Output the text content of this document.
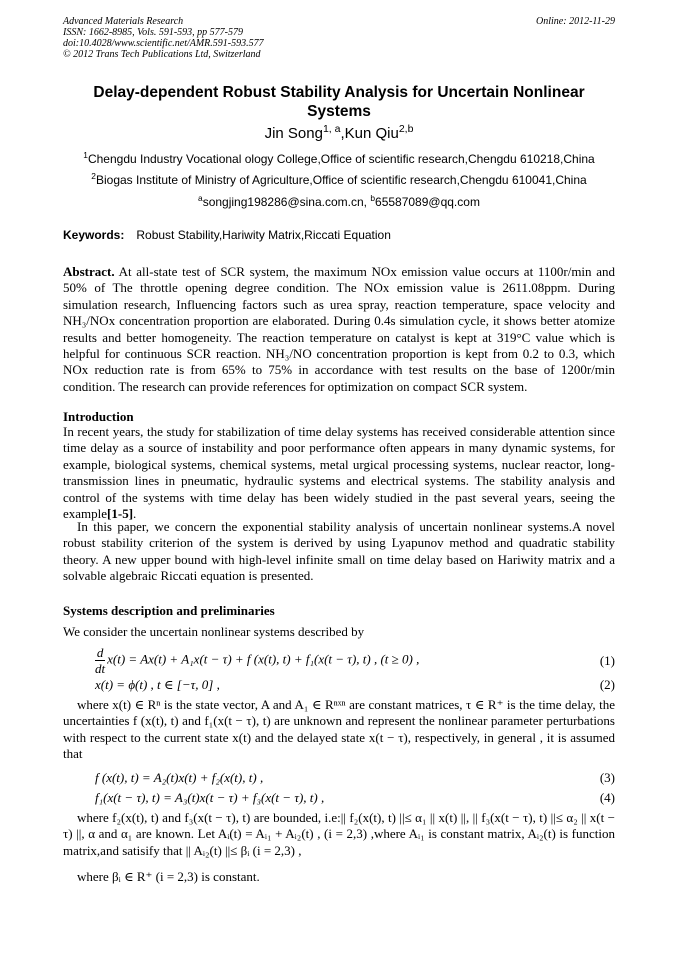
Advanced Materials Research
ISSN: 1662-8985, Vols. 591-593, pp 577-579
doi:10.4028/www.scientific.net/AMR.591-593.577
© 2012 Trans Tech Publications Ltd, Switzerland
Online: 2012-11-29
Delay-dependent Robust Stability Analysis for Uncertain Nonlinear Systems
Jin Song$^{1, a}$,Kun Qiu$^{2,b}$
$^1$Chengdu Industry Vocational ology College,Office of scientific research,Chengdu 610218,China
$^2$Biogas Institute of Ministry of Agriculture,Office of scientific research,Chengdu 610041,China
$^a$songjing198286@sina.com.cn, $^b$65587089@qq.com
Keywords: Robust Stability,Hariwity Matrix,Riccati Equation
Abstract. At all-state test of SCR system, the maximum NOx emission value occurs at 1100r/min and 50% of The throttle opening degree condition. The NOx emission value is 2611.08ppm. During simulation research, Influencing factors such as urea spray, reaction temperature, space velocity and NH₃/NOx concentration proportion are elaborated. During 0.4s simulation cycle, it shows better atomize results and better homogeneity. The reaction temperature on catalyst is kept at 319°C value which is helpful for continuous SCR reaction. NH₃/NO concentration proportion is kept from 0.2 to 0.3, which NOx reduction rate is from 65% to 75% in accordance with test results on the base of 1200r/min condition. The research can provide references for optimization on compact SCR system.
Introduction
In recent years, the study for stabilization of time delay systems has received considerable attention since time delay as a source of instability and poor performance often appears in many dynamic systems, for example, biological systems, chemical systems, metal urgical processing systems, nuclear reactor, long-transmission lines in pneumatic, hydraulic systems and electrical systems. The stability analysis and control of the systems with time delay has been widely studied in the past several years, seeing the example[1-5].
In this paper, we concern the exponential stability analysis of uncertain nonlinear systems.A novel robust stability criterion of the system is derived by using Lyapunov method and quadratic stability theory. A new upper bound with high-level infinite small on time delay based on Hariwity matrix and a solvable algebraic Riccati equation is presented.
Systems description and preliminaries
We consider the uncertain nonlinear systems described by
$\frac{d}{dt} x(t) = Ax(t) + A_1x(t - \tau) + f$ (x(t), t) + f₁(x(t − τ), t) , (t ≥ 0) ,	(1)
x(t) = ϕ(t) , t ∈ [−τ, 0] ,	(2)
where x(t) ∈ Rⁿ is the state vector, A and A₁ ∈ Rⁿˣⁿ are constant matrices, τ ∈ R⁺ is the time delay, the uncertainties f (x(t), t) and f₁(x(t − τ), t) are unknown and represent the nonlinear parameter perturbations with respect to the current state x(t) and the delayed state x(t − τ), respectively, in general , it is assumed that
f (x(t), t) = A₂(t)x(t) + f₂(x(t), t) ,	(3)
f₁(x(t − τ), t) = A₃(t)x(t − τ) + f₃(x(t − τ), t) ,	(4)
where f₂(x(t), t) and f₃(x(t − τ), t) are bounded, i.e:|| f₂(x(t), t) ||≤ α₁ || x(t) ||, || f₃(x(t − τ), t) ||≤ α₂ || x(t − τ) ||, α and α₁ are known. Let Aᵢ(t) = Aᵢ₁ + Aᵢ₂(t) , (i = 2,3) ,where Aᵢ₁ is constant matrix, Aᵢ₂(t) is function matrix,and satisify that || Aᵢ₂(t) ||≤ βᵢ (i = 2,3) ,
where βᵢ ∈ R⁺ (i = 2,3) is constant.
